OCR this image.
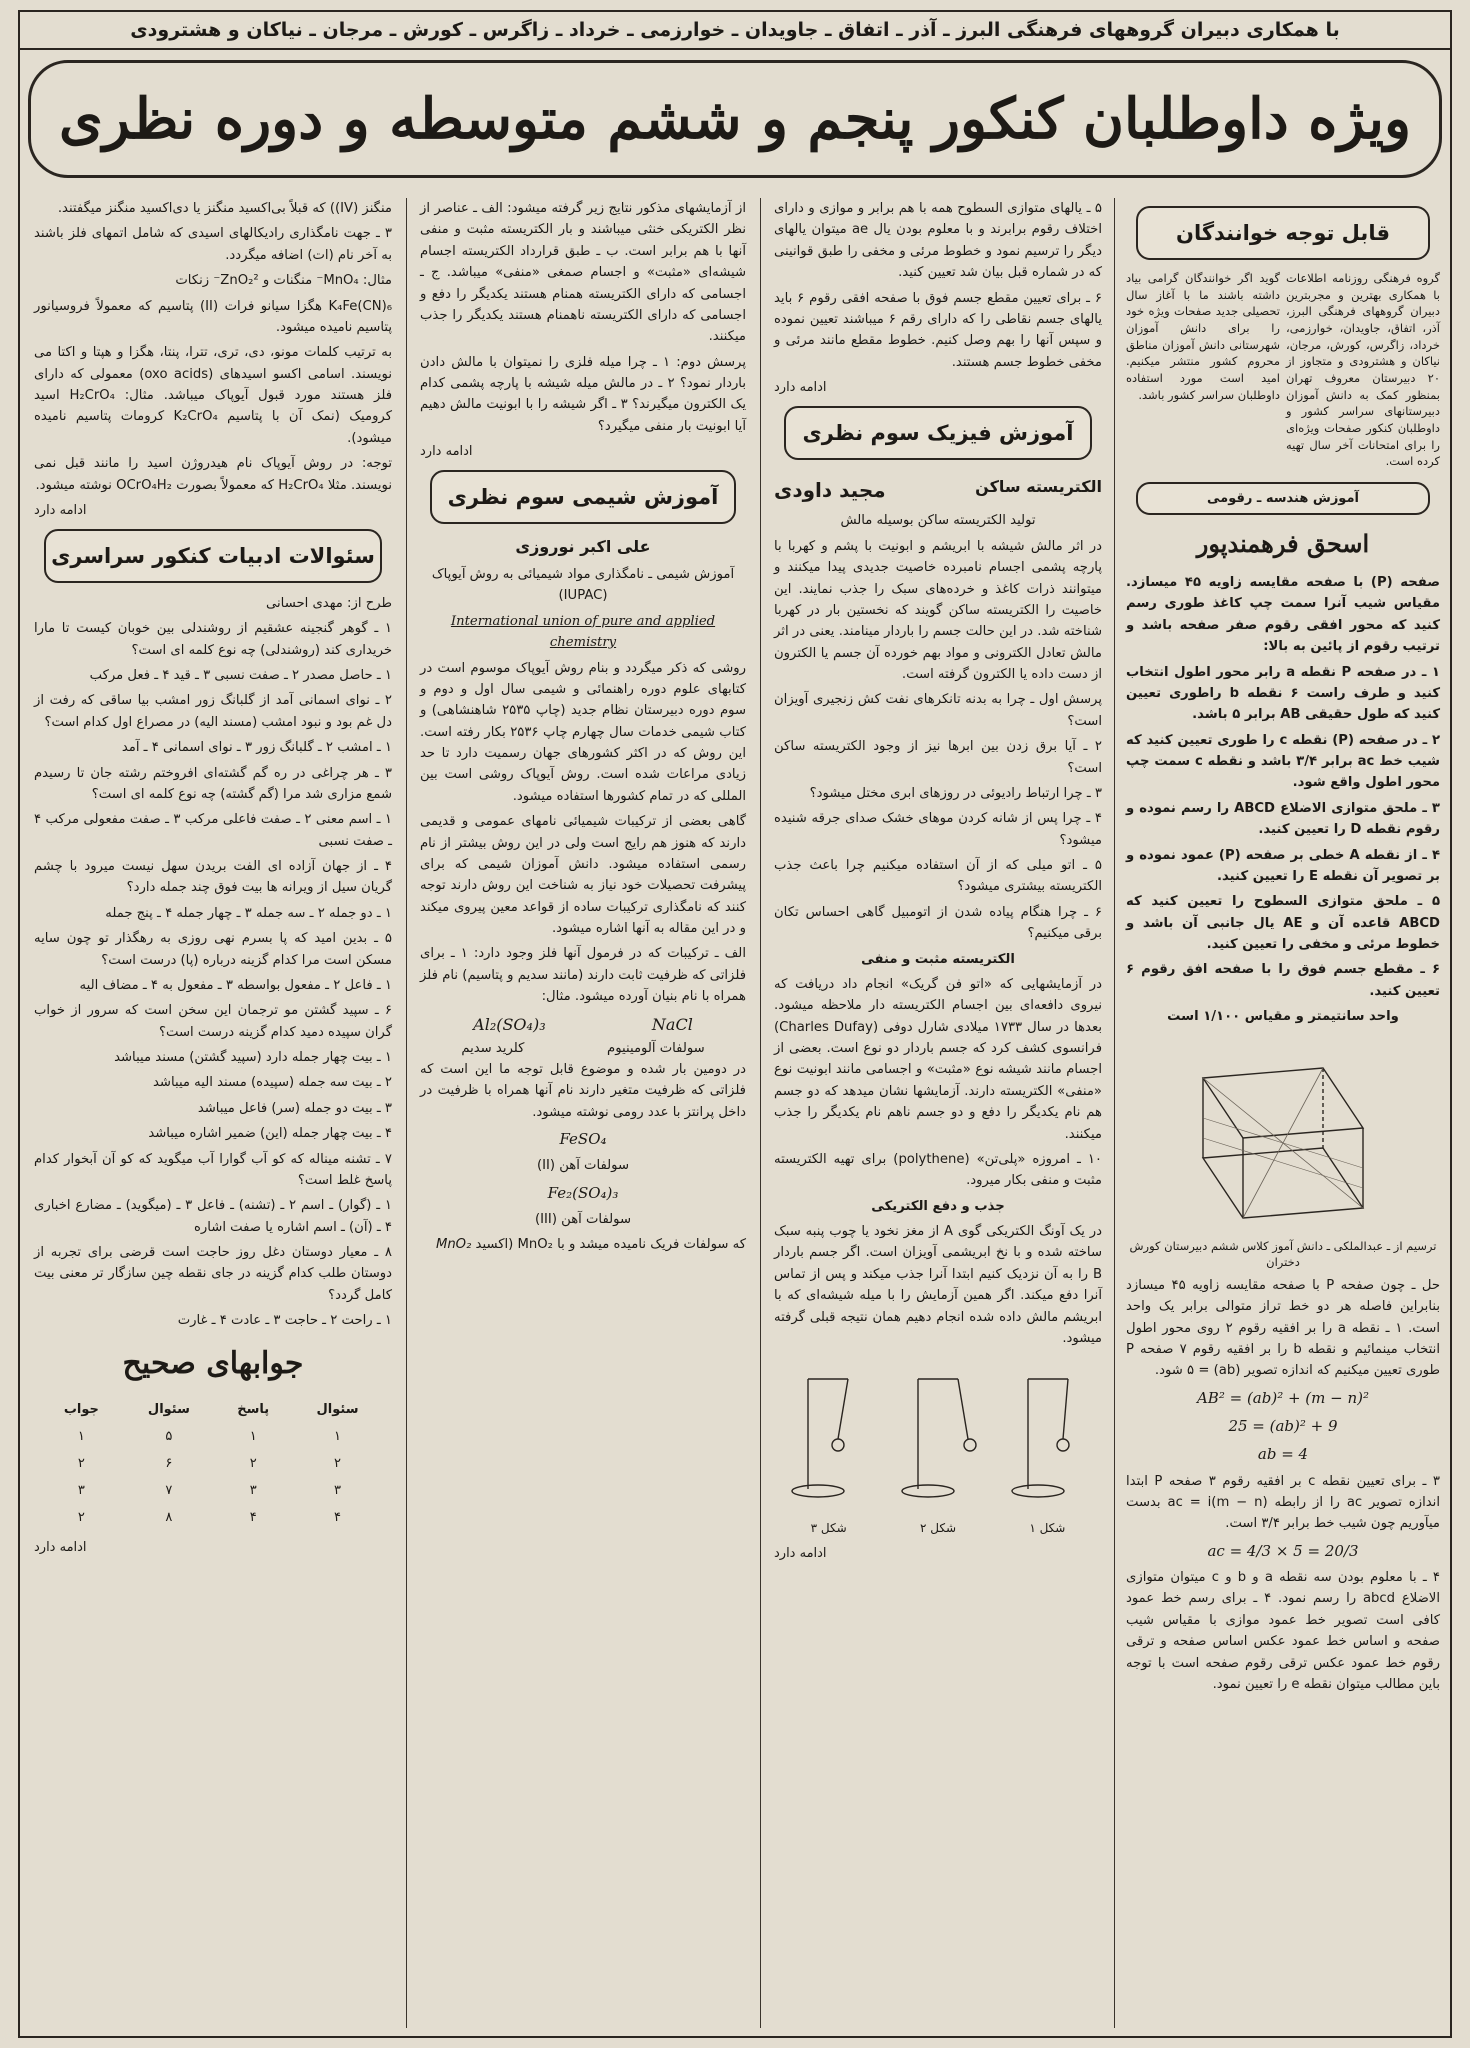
با همکاری دبیران گروههای فرهنگی البرز ـ آذر ـ اتفاق ـ جاویدان ـ خوارزمی ـ خرداد ـ زاگرس ـ کورش ـ مرجان ـ نیاکان و هشترودی
ویژه داوطلبان کنکور پنجم و ششم متوسطه و دوره نظری
قابل توجه خوانندگان

گروه فرهنگی روزنامه اطلاعات با همکاری بهترین و مجربترین دبیران گروههای فرهنگی البرز، آذر، اتفاق، جاویدان، خوارزمی، خرداد، زاگرس، کورش، مرجان، نیاکان و هشترودی و متجاوز از ۲۰ دبیرستان معروف تهران بمنظور کمک به دانش آموزان دبیرستانهای سراسر کشور و داوطلبان کنکور صفحات ویژه‌ای را برای امتحانات آخر سال تهیه کرده است.

گوید اگر خوانندگان گرامی بیاد داشته باشند ما با آغاز سال تحصیلی جدید صفحات ویژه خود را برای دانش آموزان شهرستانی دانش آموزان مناطق محروم کشور منتشر میکنیم. امید است مورد استفاده داوطلبان سراسر کشور باشد.

آموزش هندسه ـ رقومی
اسحق فرهمندپور

صفحه (P) با صفحه مقایسه زاویه ۴۵ میسازد. مقیاس شیب آنرا سمت چپ کاغذ طوری رسم کنید که محور افقی رقوم صفر صفحه باشد و ترتیب رقوم از پائین به بالا:

۱ ـ در صفحه P نقطه a رابر محور اطول انتخاب کنید و طرف راست ۶ نقطه b راطوری تعیین کنید که طول حقیقی AB برابر ۵ باشد.

۲ ـ در صفحه (P) نقطه c را طوری تعیین کنید که شیب خط ac برابر ۳/۴ باشد و نقطه c سمت چپ محور اطول واقع شود.

۳ ـ ملحق متوازی الاضلاع ABCD را رسم نموده و رقوم نقطه D را تعیین کنید.

۴ ـ از نقطه A خطی بر صفحه (P) عمود نموده و بر تصویر آن نقطه E را تعیین کنید.

۵ ـ ملحق متوازی السطوح را تعیین کنید که ABCD قاعده آن و AE یال جانبی آن باشد و خطوط مرئی و مخفی را تعیین کنید.

۶ ـ مقطع جسم فوق را با صفحه افق رقوم ۶ تعیین کنید.

واحد سانتیمتر و مقیاس ۱/۱۰۰ است

ترسیم از ـ عبدالملکی ـ دانش آموز کلاس ششم دبیرستان کورش دختران

حل ـ چون صفحه P با صفحه مقایسه زاویه ۴۵ میسازد بنابراین فاصله هر دو خط تراز متوالی برابر یک واحد است. ۱ ـ نقطه a را بر افقیه رقوم ۲ روی محور اطول انتخاب مینمائیم و نقطه b را بر افقیه رقوم ۷ صفحه P طوری تعیین میکنیم که اندازه تصویر (ab) = ۵ شود.

AB² = (ab)² + (m − n)²
25 = (ab)² + 9
ab = 4

۳ ـ برای تعیین نقطه c بر افقیه رقوم ۳ صفحه P ابتدا اندازه تصویر ac را از رابطه ac = i(m − n) بدست میآوریم چون شیب خط برابر ۳/۴ است.

ac = 4/3 × 5 = 20/3

۴ ـ با معلوم بودن سه نقطه a و b و c میتوان متوازی الاضلاع abcd را رسم نمود. ۴ ـ برای رسم خط عمود کافی است تصویر خط عمود موازی با مقیاس شیب صفحه و اساس خط عمود عکس اساس صفحه و ترقی رقوم خط عمود عکس ترقی رقوم صفحه است با توجه باین مطالب میتوان نقطه e را تعیین نمود.

۵ ـ یالهای متوازی السطوح همه با هم برابر و موازی و دارای اختلاف رقوم برابرند و با معلوم بودن یال ae میتوان یالهای دیگر را ترسیم نمود و خطوط مرئی و مخفی را طبق قوانینی که در شماره قبل بیان شد تعیین کنید.

۶ ـ برای تعیین مقطع جسم فوق با صفحه افقی رقوم ۶ باید یالهای جسم نقاطی را که دارای رقم ۶ میباشند تعیین نموده و سپس آنها را بهم وصل کنیم. خطوط مقطع مانند مرئی و مخفی خطوط جسم هستند.

ادامه دارد
آموزش فیزیک سوم نظری
الکتریسته ساکن
مجید داودی

تولید الکتریسته ساکن بوسیله مالش

در اثر مالش شیشه با ابریشم و ابونیت با پشم و کهربا با پارچه پشمی اجسام نامبرده خاصیت جدیدی پیدا میکنند و میتوانند ذرات کاغذ و خرده‌های سبک را جذب نمایند. این خاصیت را الکتریسته ساکن گویند که نخستین بار در کهربا شناخته شد. در این حالت جسم را باردار مینامند. یعنی در اثر مالش تعادل الکترونی و مواد بهم خورده آن جسم یا الکترون از دست داده یا الکترون گرفته است.

پرسش اول ـ چرا به بدنه تانکرهای نفت کش زنجیری آویزان است؟

۲ ـ آیا برق زدن بین ابرها نیز از وجود الکتریسته ساکن است؟

۳ ـ چرا ارتباط رادیوئی در روزهای ابری مختل میشود؟

۴ ـ چرا پس از شانه کردن موهای خشک صدای جرقه شنیده میشود؟

۵ ـ اتو میلی که از آن استفاده میکنیم چرا باعث جذب الکتریسته بیشتری میشود؟

۶ ـ چرا هنگام پیاده شدن از اتومبیل گاهی احساس تکان برقی میکنیم؟

الکتریسته مثبت و منفی

در آزمایشهایی که «اتو فن گریک» انجام داد دریافت که نیروی دافعه‌ای بین اجسام الکتریسته دار ملاحظه میشود. بعدها در سال ۱۷۳۳ میلادی شارل دوفی (Charles Dufay) فرانسوی کشف کرد که جسم باردار دو نوع است. بعضی از اجسام مانند شیشه نوع «مثبت» و اجسامی مانند ابونیت نوع «منفی» الکتریسته دارند. آزمایشها نشان میدهد که دو جسم هم نام یکدیگر را دفع و دو جسم ناهم نام یکدیگر را جذب میکنند.

۱۰ ـ امروزه «پلی‌تن» (polythene) برای تهیه الکتریسته مثبت و منفی بکار میرود.

جذب و دفع الکتریکی

در یک آونگ الکتریکی گوی A از مغز نخود یا چوب پنبه سبک ساخته شده و با نخ ابریشمی آویزان است. اگر جسم باردار B را به آن نزدیک کنیم ابتدا آنرا جذب میکند و پس از تماس آنرا دفع میکند. اگر همین آزمایش را با میله شیشه‌ای که با ابریشم مالش داده شده انجام دهیم همان نتیجه قبلی گرفته میشود.

شکل ۱
شکل ۲
شکل ۳
ادامه دارد

از آزمایشهای مذکور نتایج زیر گرفته میشود: الف ـ عناصر از نظر الکتریکی خنثی میباشند و بار الکتریسته مثبت و منفی آنها با هم برابر است. ب ـ طبق قرارداد الکتریسته اجسام شیشه‌ای «مثبت» و اجسام صمغی «منفی» میباشد. ج ـ اجسامی که دارای الکتریسته همنام هستند یکدیگر را دفع و اجسامی که دارای الکتریسته ناهمنام هستند یکدیگر را جذب میکنند.

پرسش دوم: ۱ ـ چرا میله فلزی را نمیتوان با مالش دادن باردار نمود؟ ۲ ـ در مالش میله شیشه با پارچه پشمی کدام یک الکترون میگیرند؟ ۳ ـ اگر شیشه را با ابونیت مالش دهیم آیا ابونیت بار منفی میگیرد؟

ادامه دارد
آموزش شیمی سوم نظری
علی اکبر نوروزی

آموزش شیمی ـ نامگذاری مواد شیمیائی به روش آیوپاک (IUPAC)

International union of pure and applied chemistry

روشی که ذکر میگردد و بنام روش آیوپاک موسوم است در کتابهای علوم دوره راهنمائی و شیمی سال اول و دوم و سوم دوره دبیرستان نظام جدید (چاپ ۲۵۳۵ شاهنشاهی) و کتاب شیمی خدمات سال چهارم چاپ ۲۵۳۶ بکار رفته است. این روش که در اکثر کشورهای جهان رسمیت دارد تا حد زیادی مراعات شده است. روش آیوپاک روشی است بین المللی که در تمام کشورها استفاده میشود.

گاهی بعضی از ترکیبات شیمیائی نامهای عمومی و قدیمی دارند که هنوز هم رایج است ولی در این روش بیشتر از نام رسمی استفاده میشود. دانش آموزان شیمی که برای پیشرفت تحصیلات خود نیاز به شناخت این روش دارند توجه کنند که نامگذاری ترکیبات ساده از قواعد معین پیروی میکند و در این مقاله به آنها اشاره میشود.

الف ـ ترکیبات که در فرمول آنها فلز وجود دارد: ۱ ـ برای فلزاتی که ظرفیت ثابت دارند (مانند سدیم و پتاسیم) نام فلز همراه با نام بنیان آورده میشود. مثال:

Al₂(SO₄)₃	NaCl
سولفات آلومینیوم
کلرید سدیم

در دومین بار شده و موضوع قابل توجه ما این است که فلزاتی که ظرفیت متغیر دارند نام آنها همراه با ظرفیت در داخل پرانتز با عدد رومی نوشته میشود.

FeSO₄

سولفات آهن (II)

Fe₂(SO₄)₃

سولفات آهن (III)

که سولفات فریک نامیده میشد و با MnO₂ (اکسید MnO₂

منگنز (IV)) که قبلاً بی‌اکسید منگنز یا دی‌اکسید منگنز میگفتند.

۳ ـ جهت نامگذاری رادیکالهای اسیدی که شامل اتمهای فلز باشند به آخر نام (ات) اضافه میگردد.

مثال: MnO₄⁻ منگنات و ZnO₂²⁻ زنکات

K₄Fe(CN)₆ هگزا سیانو فرات (II) پتاسیم که معمولاً فروسیانور پتاسیم نامیده میشود.

به ترتیب کلمات مونو، دی، تری، تترا، پنتا، هگزا و هپتا و اکتا می نویسند. اسامی اکسو اسیدهای (oxo acids) معمولی که دارای فلز هستند مورد قبول آیوپاک میباشد. مثال: H₂CrO₄ اسید کرومیک (نمک آن با پتاسیم K₂CrO₄ کرومات پتاسیم نامیده میشود).

توجه: در روش آیوپاک نام هیدروژن اسید را مانند قبل نمی نویسند. مثلا H₂CrO₄ که معمولاً بصورت OCrO₄H₂ نوشته میشود.

ادامه دارد
سئوالات ادبیات کنکور سراسری

طرح از: مهدی احسانی

۱ ـ گوهر گنجینه عشقیم از روشندلی بین خوبان کیست تا مارا خریداری کند (روشندلی) چه نوع کلمه ای است؟

۱ ـ حاصل مصدر ۲ ـ صفت نسبی ۳ ـ قید ۴ ـ فعل مرکب

۲ ـ نوای اسمانی آمد از گلبانگ زور امشب بیا ساقی که رفت از دل غم بود و نبود امشب (مسند الیه) در مصراع اول کدام است؟

۱ ـ امشب ۲ ـ گلبانگ زور ۳ ـ نوای اسمانی ۴ ـ آمد

۳ ـ هر چراغی در ره گم گشته‌ای افروختم رشته جان تا رسیدم شمع مزاری شد مرا (گم گشته) چه نوع کلمه ای است؟

۱ ـ اسم معنی ۲ ـ صفت فاعلی مرکب ۳ ـ صفت مفعولی مرکب ۴ ـ صفت نسبی

۴ ـ از جهان آزاده ای الفت بریدن سهل نیست میرود با چشم گریان سیل از ویرانه ها بیت فوق چند جمله دارد؟

۱ ـ دو جمله ۲ ـ سه جمله ۳ ـ چهار جمله ۴ ـ پنج جمله

۵ ـ بدین امید که پا بسرم نهی روزی به رهگذار تو چون سایه مسکن است مرا کدام گزینه درباره (پا) درست است؟

۱ ـ فاعل ۲ ـ مفعول بواسطه ۳ ـ مفعول به ۴ ـ مضاف الیه

۶ ـ سپید گشتن مو ترجمان این سخن است که سرور از خواب گران سپیده دمید کدام گزینه درست است؟

۱ ـ بیت چهار جمله دارد (سپید گشتن) مسند میباشد

۲ ـ بیت سه جمله (سپیده) مسند الیه میباشد

۳ ـ بیت دو جمله (سر) فاعل میباشد

۴ ـ بیت چهار جمله (این) ضمیر اشاره میباشد

۷ ـ تشنه میناله که کو آب گوارا آب میگوید که کو آن آبخوار کدام پاسخ غلط است؟

۱ ـ (گوار) ـ اسم ۲ ـ (تشنه) ـ فاعل ۳ ـ (میگوید) ـ مضارع اخباری ۴ ـ (آن) ـ اسم اشاره یا صفت اشاره

۸ ـ معیار دوستان دغل روز حاجت است قرضی برای تجربه از دوستان طلب کدام گزینه در جای نقطه چین سازگار تر معنی بیت کامل گردد؟

۱ ـ راحت ۲ ـ حاجت ۳ ـ عادت ۴ ـ غارت

جوابهای صحیح
سئوال	پاسخ	سئوال	جواب
۱	۱	۵	۱
۲	۲	۶	۲
۳	۳	۷	۳
۴	۴	۸	۲
ادامه دارد
